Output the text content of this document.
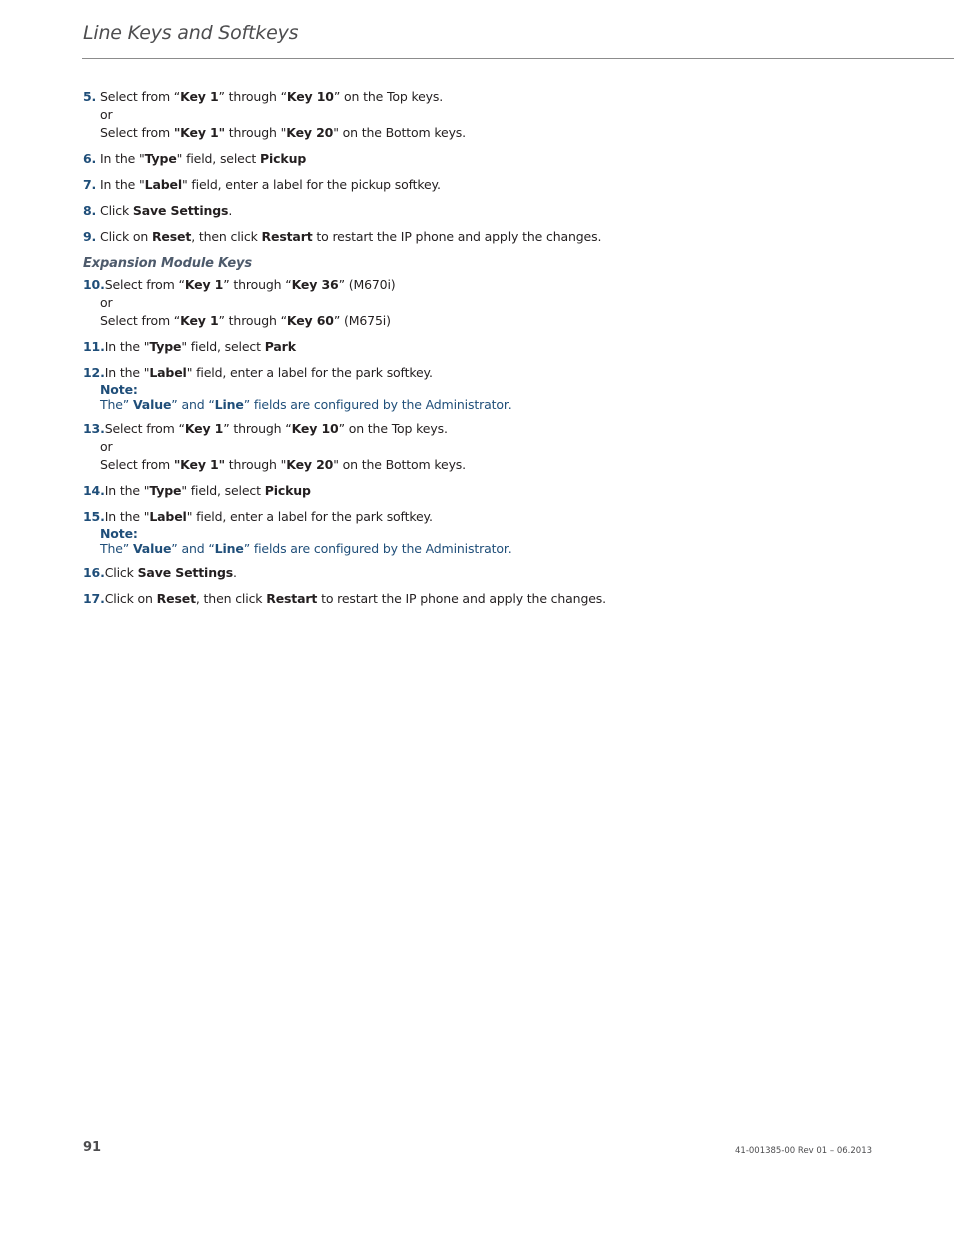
Line Keys and Softkeys
5. Select from “Key 1” through “Key 10” on the Top keys.
or
Select from "Key 1" through "Key 20" on the Bottom keys.
6. In the "Type" field, select Pickup
7. In the "Label" field, enter a label for the pickup softkey.
8. Click Save Settings.
9. Click on Reset, then click Restart to restart the IP phone and apply the changes.
Expansion Module Keys
10.Select from “Key 1” through “Key 36” (M670i)
or
Select from “Key 1” through “Key 60” (M675i)
11.In the "Type" field, select Park
12.In the "Label" field, enter a label for the park softkey.
Note:
The” Value” and “Line” fields are configured by the Administrator.
13.Select from “Key 1” through “Key 10” on the Top keys.
or
Select from "Key 1" through "Key 20" on the Bottom keys.
14.In the "Type" field, select Pickup
15.In the "Label" field, enter a label for the park softkey.
Note:
The” Value” and “Line” fields are configured by the Administrator.
16.Click Save Settings.
17.Click on Reset, then click Restart to restart the IP phone and apply the changes.
91	41-001385-00 Rev 01 – 06.2013
